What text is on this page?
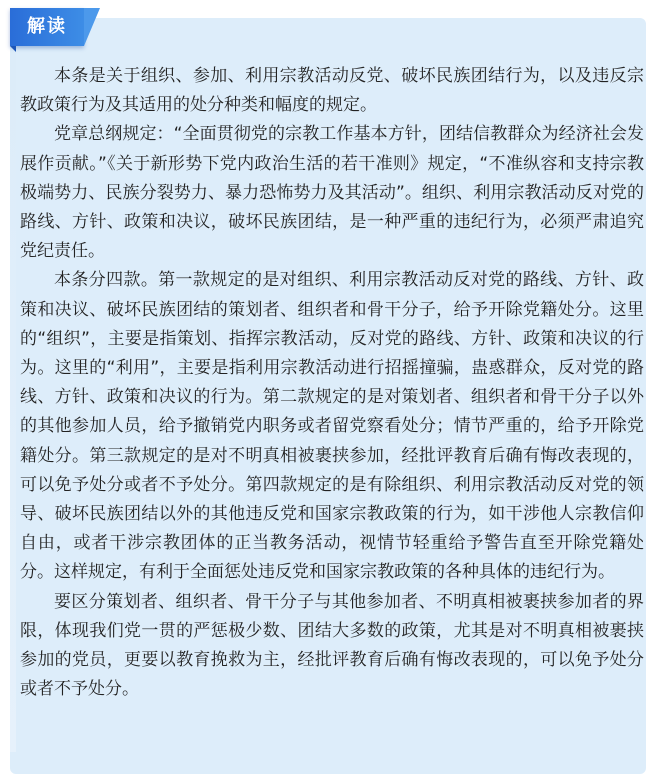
解读

本条是关于组织、参加、利用宗教活动反党、破坏民族团结行为，以及违反宗教政策行为及其适用的处分种类和幅度的规定。

党章总纲规定：“全面贯彻党的宗教工作基本方针，团结信教群众为经济社会发展作贡献。”《关于新形势下党内政治生活的若干准则》规定，“不准纵容和支持宗教极端势力、民族分裂势力、暴力恐怖势力及其活动”。组织、利用宗教活动反对党的路线、方针、政策和决议，破坏民族团结，是一种严重的违纪行为，必须严肃追究党纪责任。

本条分四款。第一款规定的是对组织、利用宗教活动反对党的路线、方针、政策和决议、破坏民族团结的策划者、组织者和骨干分子，给予开除党籍处分。这里的“组织”，主要是指策划、指挥宗教活动，反对党的路线、方针、政策和决议的行为。这里的“利用”，主要是指利用宗教活动进行招摇撞骗，蛊惑群众，反对党的路线、方针、政策和决议的行为。第二款规定的是对策划者、组织者和骨干分子以外的其他参加人员，给予撤销党内职务或者留党察看处分；情节严重的，给予开除党籍处分。第三款规定的是对不明真相被裹挟参加，经批评教育后确有悔改表现的，可以免予处分或者不予处分。第四款规定的是有除组织、利用宗教活动反对党的领导、破坏民族团结以外的其他违反党和国家宗教政策的行为，如干涉他人宗教信仰自由，或者干涉宗教团体的正当教务活动，视情节轻重给予警告直至开除党籍处分。这样规定，有利于全面惩处违反党和国家宗教政策的各种具体的违纪行为。

要区分策划者、组织者、骨干分子与其他参加者、不明真相被裹挟参加者的界限，体现我们党一贯的严惩极少数、团结大多数的政策，尤其是对不明真相被裹挟参加的党员，更要以教育挽救为主，经批评教育后确有悔改表现的，可以免予处分或者不予处分。
